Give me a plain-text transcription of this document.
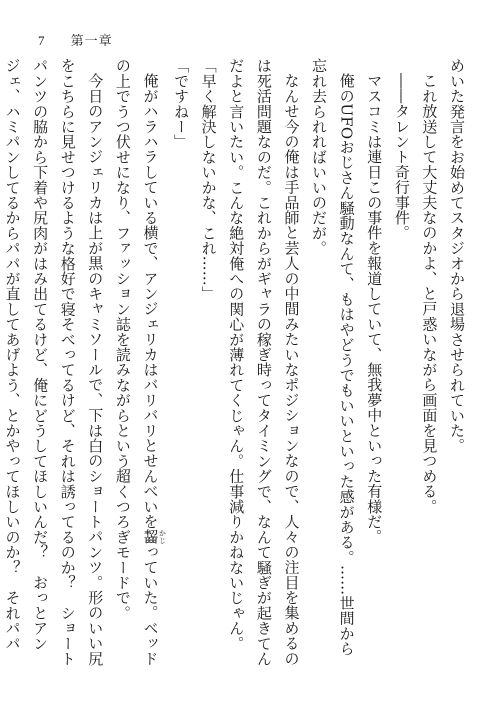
7 第一章

めいた発言をお始めてスタジオから退場させられていた。

これ放送して大丈夫なのかよ、と戸惑いながら画面を見つめる。

――タレント奇行事件。

マスコミは連日この事件を報道していて、無我夢中といった有様だ。

俺のUFOおじさん騒動なんて、もはやどうでもいいといった感がある。……世間から

忘れ去られればいいのだが。

なんせ今の俺は手品師と芸人の中間みたいなポジションなので、人々の注目を集めるの

は死活問題なのだ。これからがギャラの稼ぎ時ってタイミングで、なんて騒ぎが起きてん

だよと言いたい。こんな絶対俺への関心が薄れてくじゃん。仕事減りかねないじゃん。

「早く解決しないかな、これ……」

「ですねー」

俺がハラハラしている横で、アンジェリカはバリバリとせんべいを齧 かじっていた。ベッド

の上でうつ伏せになり、ファッション誌を読みながらという超くつろぎモードで。

今日のアンジェリカは上が黒のキャミソールで、下は白のショートパンツ。形のいい尻

をこちらに見せつけるような格好で寝そべってるけど、それは誘ってるのか？　ショート

パンツの脇から下着や尻肉がはみ出てるけど、俺にどうしてほしいんだ？　おっとアン

ジェ、ハミパンしてるからパパが直してあげよう、とかやってほしいのか？　それパパ
